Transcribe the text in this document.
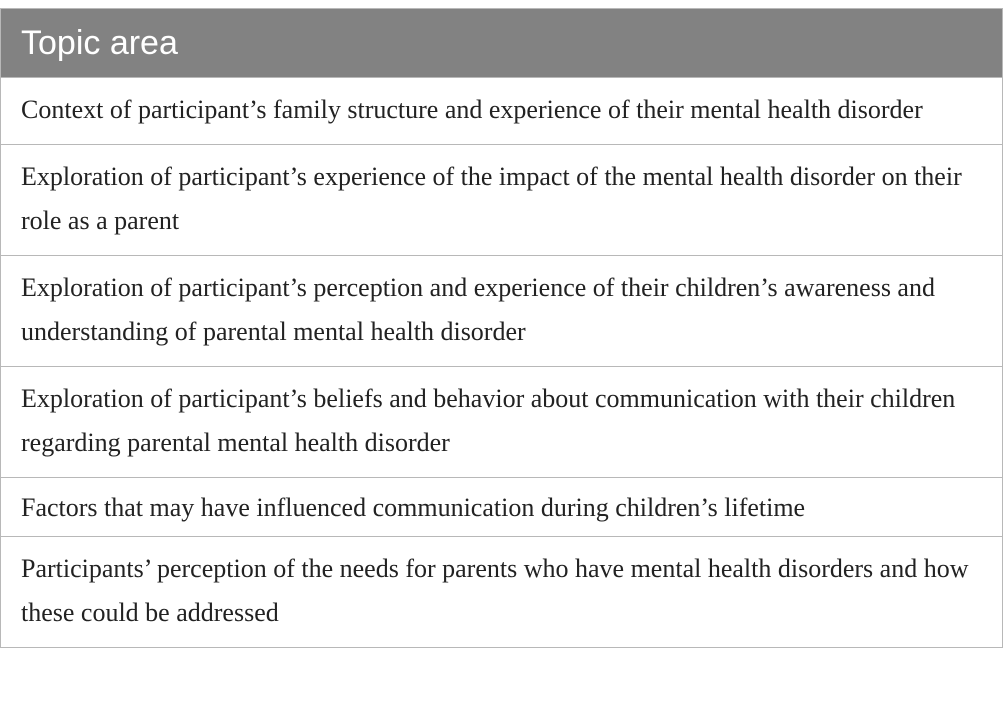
Topic area
Context of participant’s family structure and experience of their mental health disorder
Exploration of participant’s experience of the impact of the mental health disorder on their role as a parent
Exploration of participant’s perception and experience of their children’s awareness and understanding of parental mental health disorder
Exploration of participant’s beliefs and behavior about communication with their children regarding parental mental health disorder
Factors that may have influenced communication during children’s lifetime
Participants’ perception of the needs for parents who have mental health disorders and how these could be addressed
